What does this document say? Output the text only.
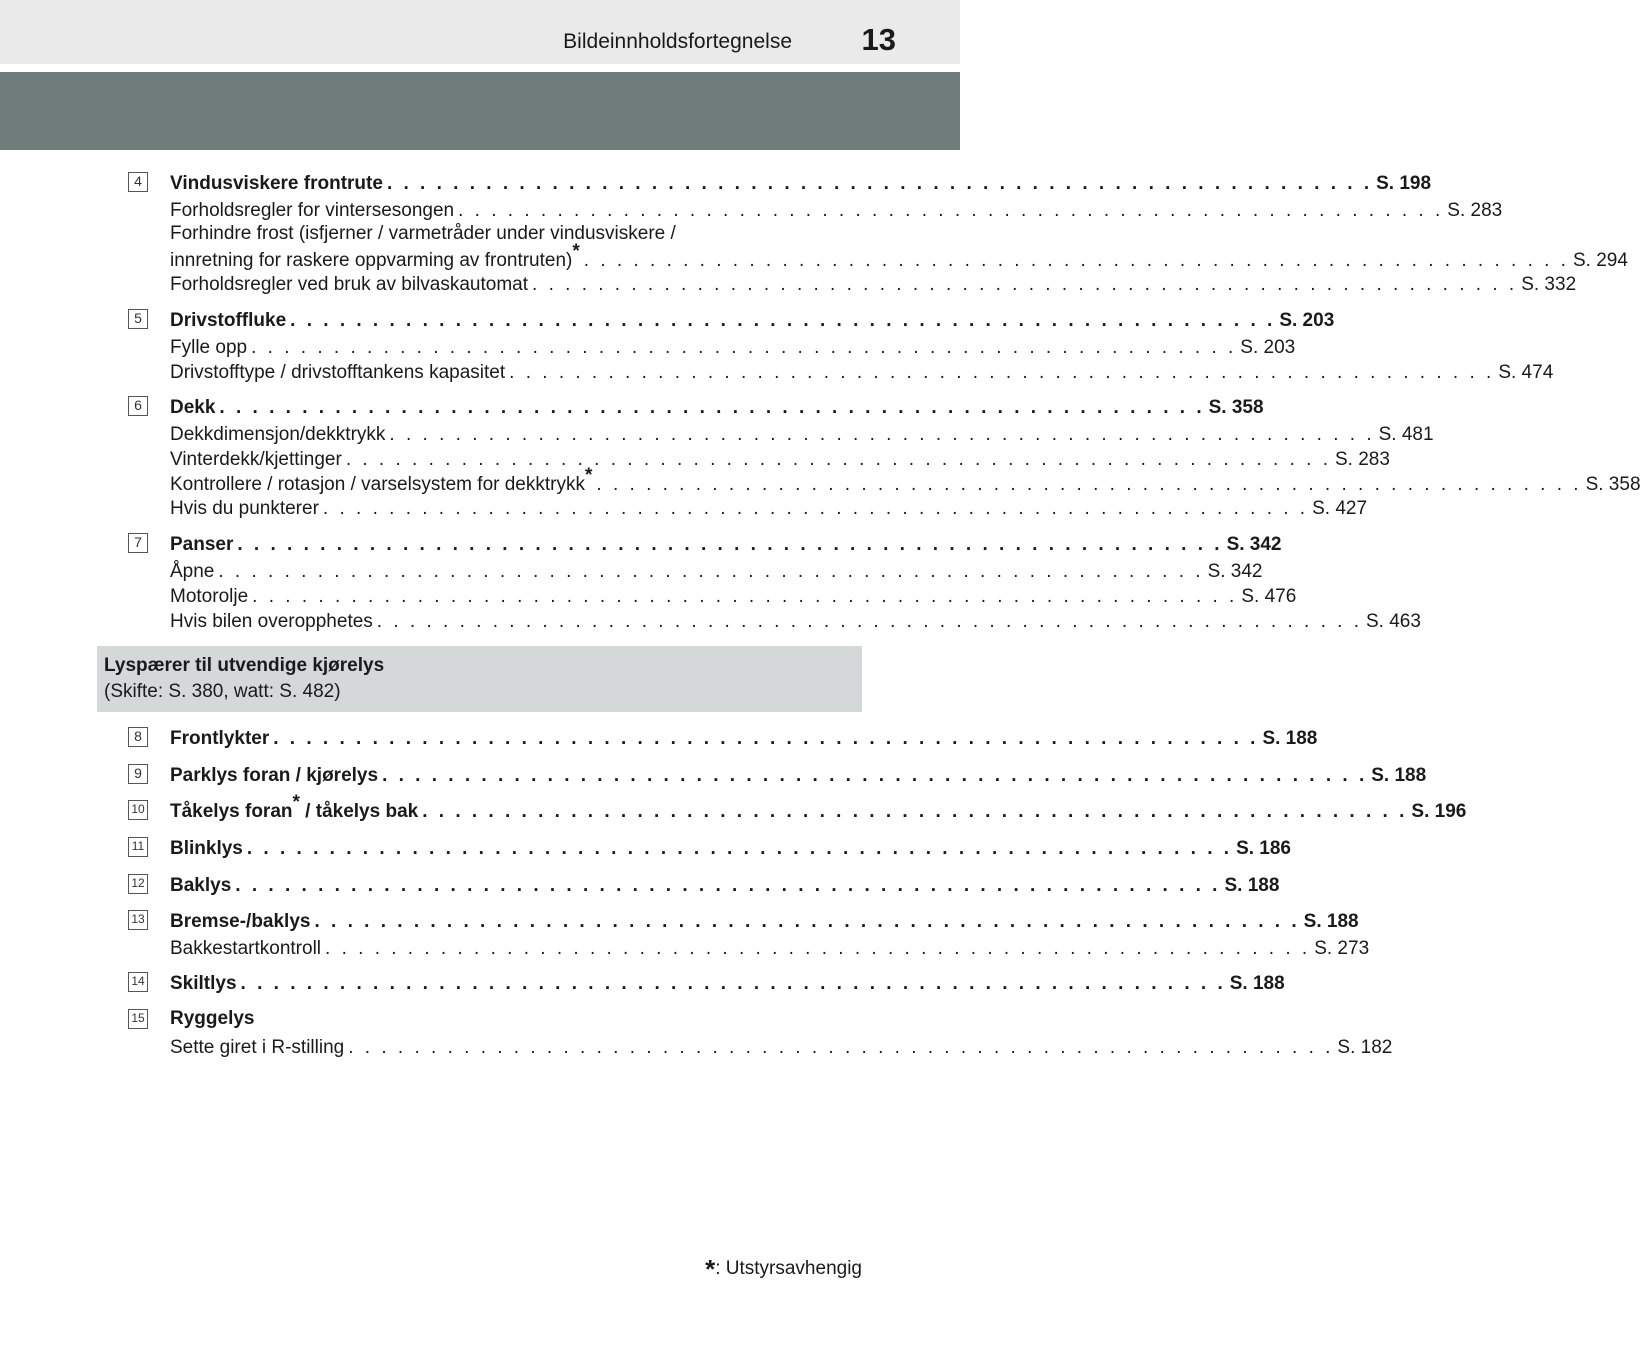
Bildeinnholdsfortegnelse 13
4	Vindusviskere frontrute . . . . . . . . . . . . . . . . . . . . . . . . . . . . . . . . . . . . . . . . . . . . . . . . . . . . . . . . . . . . S. 198
Forholdsregler for vintersesongen . . . . . . . . . . . . . . . . . . . . . . . . . . . . . . . . . . . . . . . . . . . . . . . . . . . . . . . . . . . . S. 283
Forhindre frost (isfjerner / varmetråder under vindusviskere /
innretning for raskere oppvarming av frontruten)* . . . . . . . . . . . . . . . . . . . . . . . . . . . . . . . . . . . . . . . . . . . . . . . . . . . . . . . . . . . . S. 294
Forholdsregler ved bruk av bilvaskautomat . . . . . . . . . . . . . . . . . . . . . . . . . . . . . . . . . . . . . . . . . . . . . . . . . . . . . . . . . . . . S. 332
5	Drivstoffluke . . . . . . . . . . . . . . . . . . . . . . . . . . . . . . . . . . . . . . . . . . . . . . . . . . . . . . . . . . . . S. 203
Fylle opp . . . . . . . . . . . . . . . . . . . . . . . . . . . . . . . . . . . . . . . . . . . . . . . . . . . . . . . . . . . . S. 203
Drivstofftype / drivstofftankens kapasitet . . . . . . . . . . . . . . . . . . . . . . . . . . . . . . . . . . . . . . . . . . . . . . . . . . . . . . . . . . . . S. 474
6	Dekk . . . . . . . . . . . . . . . . . . . . . . . . . . . . . . . . . . . . . . . . . . . . . . . . . . . . . . . . . . . . S. 358
Dekkdimensjon/dekktrykk . . . . . . . . . . . . . . . . . . . . . . . . . . . . . . . . . . . . . . . . . . . . . . . . . . . . . . . . . . . . S. 481
Vinterdekk/kjettinger . . . . . . . . . . . . . . . . . . . . . . . . . . . . . . . . . . . . . . . . . . . . . . . . . . . . . . . . . . . . S. 283
Kontrollere / rotasjon / varselsystem for dekktrykk* . . . . . . . . . . . . . . . . . . . . . . . . . . . . . . . . . . . . . . . . . . . . . . . . . . . . . . . . . . . . S. 358
Hvis du punkterer . . . . . . . . . . . . . . . . . . . . . . . . . . . . . . . . . . . . . . . . . . . . . . . . . . . . . . . . . . . . S. 427
7	Panser . . . . . . . . . . . . . . . . . . . . . . . . . . . . . . . . . . . . . . . . . . . . . . . . . . . . . . . . . . . . S. 342
Åpne . . . . . . . . . . . . . . . . . . . . . . . . . . . . . . . . . . . . . . . . . . . . . . . . . . . . . . . . . . . . S. 342
Motorolje . . . . . . . . . . . . . . . . . . . . . . . . . . . . . . . . . . . . . . . . . . . . . . . . . . . . . . . . . . . . S. 476
Hvis bilen overopphetes . . . . . . . . . . . . . . . . . . . . . . . . . . . . . . . . . . . . . . . . . . . . . . . . . . . . . . . . . . . . S. 463
Lyspærer til utvendige kjørelys
(Skifte: S. 380, watt: S. 482)
8	Frontlykter . . . . . . . . . . . . . . . . . . . . . . . . . . . . . . . . . . . . . . . . . . . . . . . . . . . . . . . . . . . . S. 188
9	Parklys foran / kjørelys . . . . . . . . . . . . . . . . . . . . . . . . . . . . . . . . . . . . . . . . . . . . . . . . . . . . . . . . . . . . S. 188
10 Tåkelys foran* / tåkelys bak . . . . . . . . . . . . . . . . . . . . . . . . . . . . . . . . . . . . . . . . . . . . . . . . . . . . . . . . . . . . S. 196
11 Blinklys . . . . . . . . . . . . . . . . . . . . . . . . . . . . . . . . . . . . . . . . . . . . . . . . . . . . . . . . . . . . S. 186
12 Baklys . . . . . . . . . . . . . . . . . . . . . . . . . . . . . . . . . . . . . . . . . . . . . . . . . . . . . . . . . . . . S. 188
13 Bremse-/baklys . . . . . . . . . . . . . . . . . . . . . . . . . . . . . . . . . . . . . . . . . . . . . . . . . . . . . . . . . . . . S. 188
Bakkestartkontroll . . . . . . . . . . . . . . . . . . . . . . . . . . . . . . . . . . . . . . . . . . . . . . . . . . . . . . . . . . . . S. 273
14 Skiltlys . . . . . . . . . . . . . . . . . . . . . . . . . . . . . . . . . . . . . . . . . . . . . . . . . . . . . . . . . . . . S. 188
15 Ryggelys
Sette giret i R-stilling . . . . . . . . . . . . . . . . . . . . . . . . . . . . . . . . . . . . . . . . . . . . . . . . . . . . . . . . . . . . S. 182
*: Utstyrsavhengig
